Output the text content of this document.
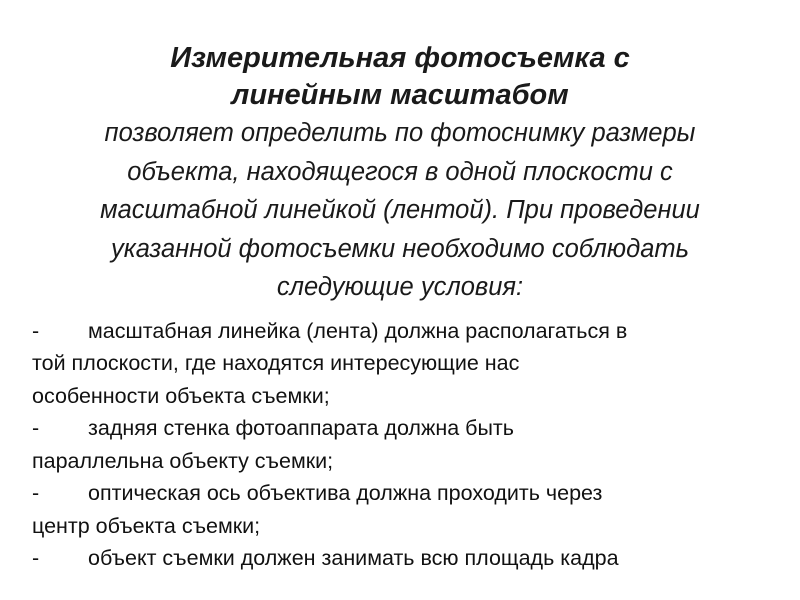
Измерительная фотосъемка с
линейным масштабом

позволяет определить по фотоснимку размеры
объекта, находящегося в одной плоскости с
масштабной линейкой (лентой). При проведении
указанной фотосъемки необходимо соблюдать
следующие условия:

- масштабная линейка (лента) должна располагаться в
той плоскости, где находятся интересующие нас
особенности объекта съемки;
- задняя стенка фотоаппарата должна быть
параллельна объекту съемки;
- оптическая ось объектива должна проходить через
центр объекта съемки;
- объект съемки должен занимать всю площадь кадра
